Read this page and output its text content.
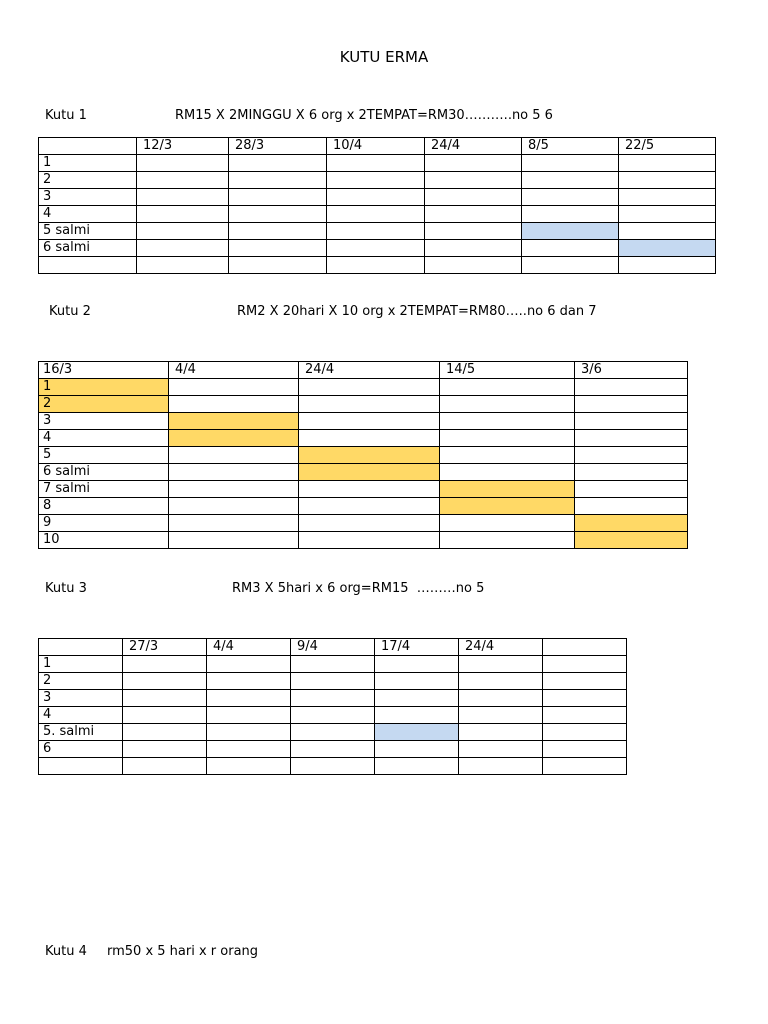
KUTU ERMA
Kutu 1	RM15 X 2MINGGU X 6 org x 2TEMPAT=RM30………..no 5 6
	12/3	28/3	10/4	24/4	8/5	22/5
1						
2						
3						
4						
5 salmi						
6 salmi						

Kutu 2	RM2 X 20hari X 10 org x 2TEMPAT=RM80…..no 6 dan 7
16/3	4/4	24/4	14/5	3/6
1				
2				
3				
4				
5				
6 salmi				
7 salmi				
8				
9				
10				
Kutu 3	RM3 X 5hari x 6 org=RM15  ………no 5
	27/3	4/4	9/4	17/4	24/4	
1						
2						
3						
4						
5. salmi						
6						

Kutu 4 rm50 x 5 hari x r orang
